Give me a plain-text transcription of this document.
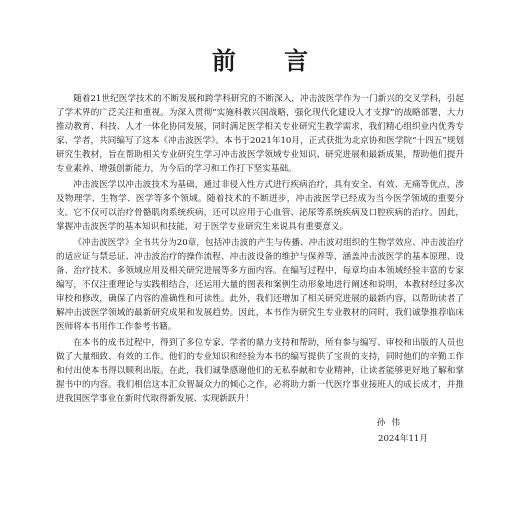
前 言

随着21世纪医学技术的不断发展和跨学科研究的不断深入，冲击波医学作为一门新兴的交叉学科，引起了学术界的广泛关注和重视。为深入贯彻“实施科教兴国战略，强化现代化建设人才支撑”的战略部署，大力推动教育、科技、人才一体化协同发展，同时满足医学相关专业研究生教学需求，我们精心组织业内优秀专家、学者，共同编写了这本《冲击波医学》。本书于2021年10月，正式获批为北京协和医学院“十四五”规划研究生教材，旨在帮助相关专业研究生学习冲击波医学领域专业知识、研究进展和最新成果，帮助他们提升专业素养、增强创新能力，为今后的学习和工作打下坚实基础。

冲击波医学以冲击波技术为基础，通过非侵入性方式进行疾病治疗，具有安全、有效、无痛等优点，涉及物理学、生物学、医学等多个领域。随着技术的不断进步，冲击波医学已经成为当今医学领域的重要分支。它不仅可以治疗骨骼肌肉系统疾病，还可以应用于心血管、泌尿等系统疾病及口腔疾病的治疗。因此，掌握冲击波医学的基本知识和技能，对于医学专业研究生来说具有重要意义。

《冲击波医学》全书共分为20章，包括冲击波的产生与传播、冲击波对组织的生物学效应、冲击波治疗的适应证与禁忌证、冲击波治疗的操作流程、冲击波设备的维护与保养等，涵盖冲击波医学的基本原理、设备、治疗技术、多领域应用及相关研究进展等多方面内容。在编写过程中，每章均由本领域经验丰富的专家编写，不仅注重理论与实践相结合，还运用大量的图表和案例生动形象地进行阐述和说明，本教材经过多次审校和修改，确保了内容的准确性和可读性。此外，我们还增加了相关研究进展的最新内容，以帮助读者了解冲击波医学领域的最新研究成果和发展趋势。因此，本书作为研究生专业教材的同时，我们诚挚推荐临床医师将本书用作工作参考书籍。

在本书的成书过程中，得到了多位专家、学者的鼎力支持和帮助，所有参与编写、审校和出版的人员也做了大量细致、有效的工作。他们的专业知识和经验为本书的编写提供了宝贵的支持，同时他们的辛勤工作和付出使本书得以顺利出版。在此，我们诚挚感谢他们的无私奉献和专业精神，让读者能够更好地了解和掌握书中的内容。我们相信这本汇众智凝众力的倾心之作，必将助力新一代医疗事业接班人的成长成才，并推进我国医学事业在新时代取得新发展、实现新跃升！

孙伟
2024年11月
